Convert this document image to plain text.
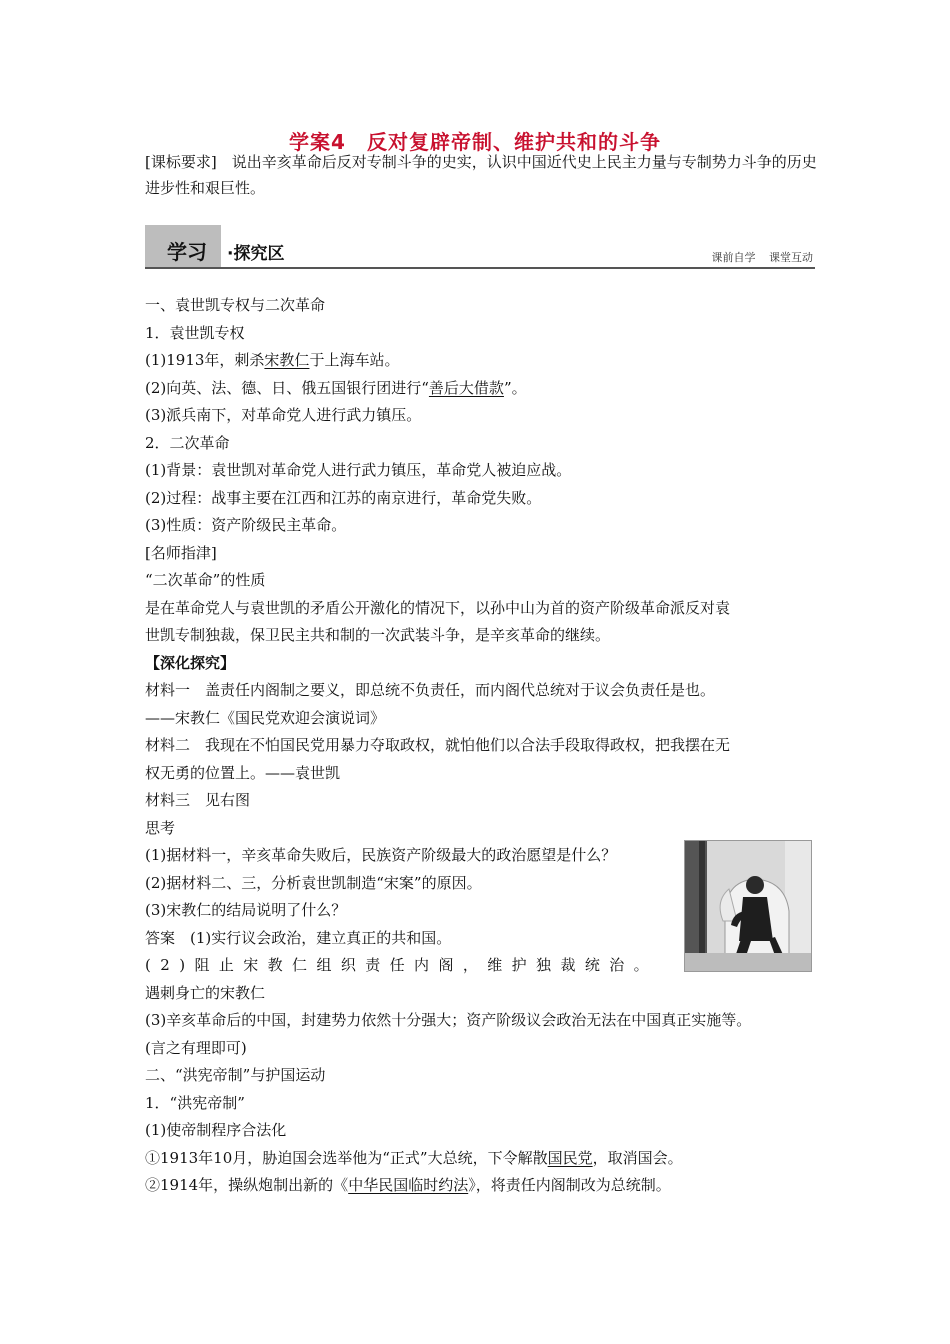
学案4　反对复辟帝制、维护共和的斗争
[课标要求]　说出辛亥革命后反对专制斗争的史实，认识中国近代史上民主力量与专制势力斗争的历史进步性和艰巨性。
学习 ·探究区	课前自学 课堂互动
一、袁世凯专权与二次革命
1．袁世凯专权
(1)1913年，刺杀宋教仁于上海车站。
(2)向英、法、德、日、俄五国银行团进行“善后大借款”。
(3)派兵南下，对革命党人进行武力镇压。
2．二次革命
(1)背景：袁世凯对革命党人进行武力镇压，革命党人被迫应战。
(2)过程：战事主要在江西和江苏的南京进行，革命党失败。
(3)性质：资产阶级民主革命。
[名师指津]
“二次革命”的性质
是在革命党人与袁世凯的矛盾公开激化的情况下，以孙中山为首的资产阶级革命派反对袁
世凯专制独裁，保卫民主共和制的一次武装斗争，是辛亥革命的继续。
【深化探究】
材料一　盖责任内阁制之要义，即总统不负责任，而内阁代总统对于议会负责任是也。
——宋教仁《国民党欢迎会演说词》
材料二　我现在不怕国民党用暴力夺取政权，就怕他们以合法手段取得政权，把我摆在无
权无勇的位置上。——袁世凯
材料三　见右图
思考
(1)据材料一，辛亥革命失败后，民族资产阶级最大的政治愿望是什么？
(2)据材料二、三，分析袁世凯制造“宋案”的原因。
(3)宋教仁的结局说明了什么？
答案　(1)实行议会政治，建立真正的共和国。
(2)阻止宋教仁组织责任内阁，维护独裁统治。
遇刺身亡的宋教仁
(3)辛亥革命后的中国，封建势力依然十分强大；资产阶级议会政治无法在中国真正实施等。
(言之有理即可)
二、“洪宪帝制”与护国运动
1．“洪宪帝制”
(1)使帝制程序合法化
①1913年10月，胁迫国会选举他为“正式”大总统，下令解散国民党，取消国会。
②1914年，操纵炮制出新的《中华民国临时约法》，将责任内阁制改为总统制。
